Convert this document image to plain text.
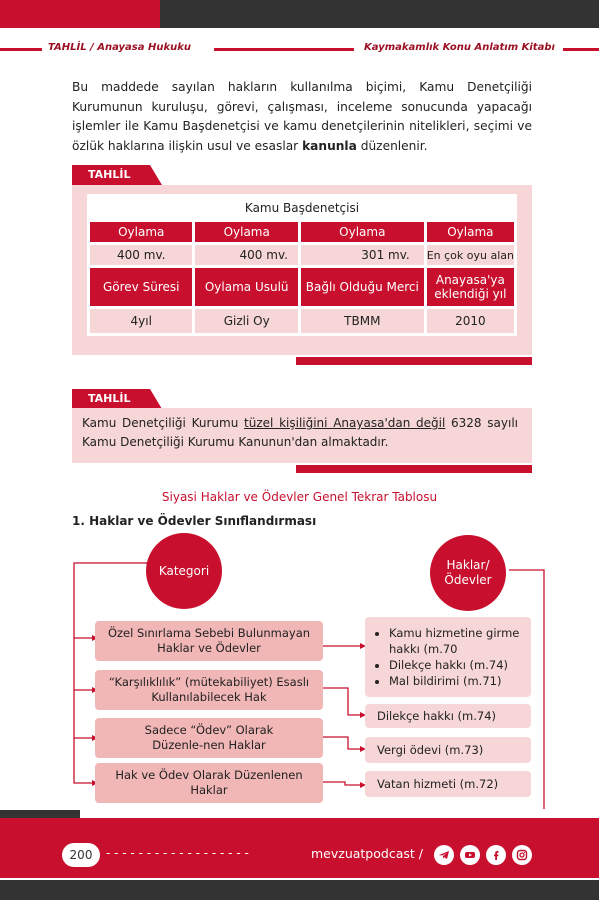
TAHLİL / Anayasa Hukuku	Kaymakamlık Konu Anlatım Kitabı
Bu maddede sayılan hakların kullanılma biçimi, Kamu Denetçiliği Kurumunun kuruluşu, görevi, çalışması, inceleme sonucunda yapacağı işlemler ile Kamu Başdenetçisi ve kamu denetçilerinin nitelikleri, seçimi ve özlük haklarına ilişkin usul ve esaslar kanunla düzenlenir.
TAHLİL
Kamu Başdenetçisi			
Oylama	Oylama	Oylama	Oylama
400 mv.	400 mv.	301 mv.	En çok oyu alan
Görev Süresi	Oylama Usulü	Bağlı Olduğu Merci	Anayasa'ya eklendiği yıl
4yıl	Gizli Oy	TBMM	2010
TAHLİL
Kamu Denetçiliği Kurumu tüzel kişiliğini Anayasa'dan değil 6328 sayılı Kamu Denetçiliği Kurumu Kanunun'dan almaktadır.
Siyasi Haklar ve Ödevler Genel Tekrar Tablosu
1. Haklar ve Ödevler Sınıflandırması
Kategori	Haklar/ Ödevler
Özel Sınırlama Sebebi Bulunmayan Haklar ve Ödevler
“Karşılıklılık” (mütekabiliyet) Esaslı Kullanılabilecek Hak
Sadece “Ödev” Olarak Düzenle-nen Haklar
Hak ve Ödev Olarak Düzenlenen Haklar
• Kamu hizmetine girme hakkı (m.70
• Dilekçe hakkı (m.74)
• Mal bildirimi (m.71)
Dilekçe hakkı (m.74)
Vergi ödevi (m.73)
Vatan hizmeti (m.72)
200	- - - - - - - - - - - - - - - - - -	mevzuatpodcast /
